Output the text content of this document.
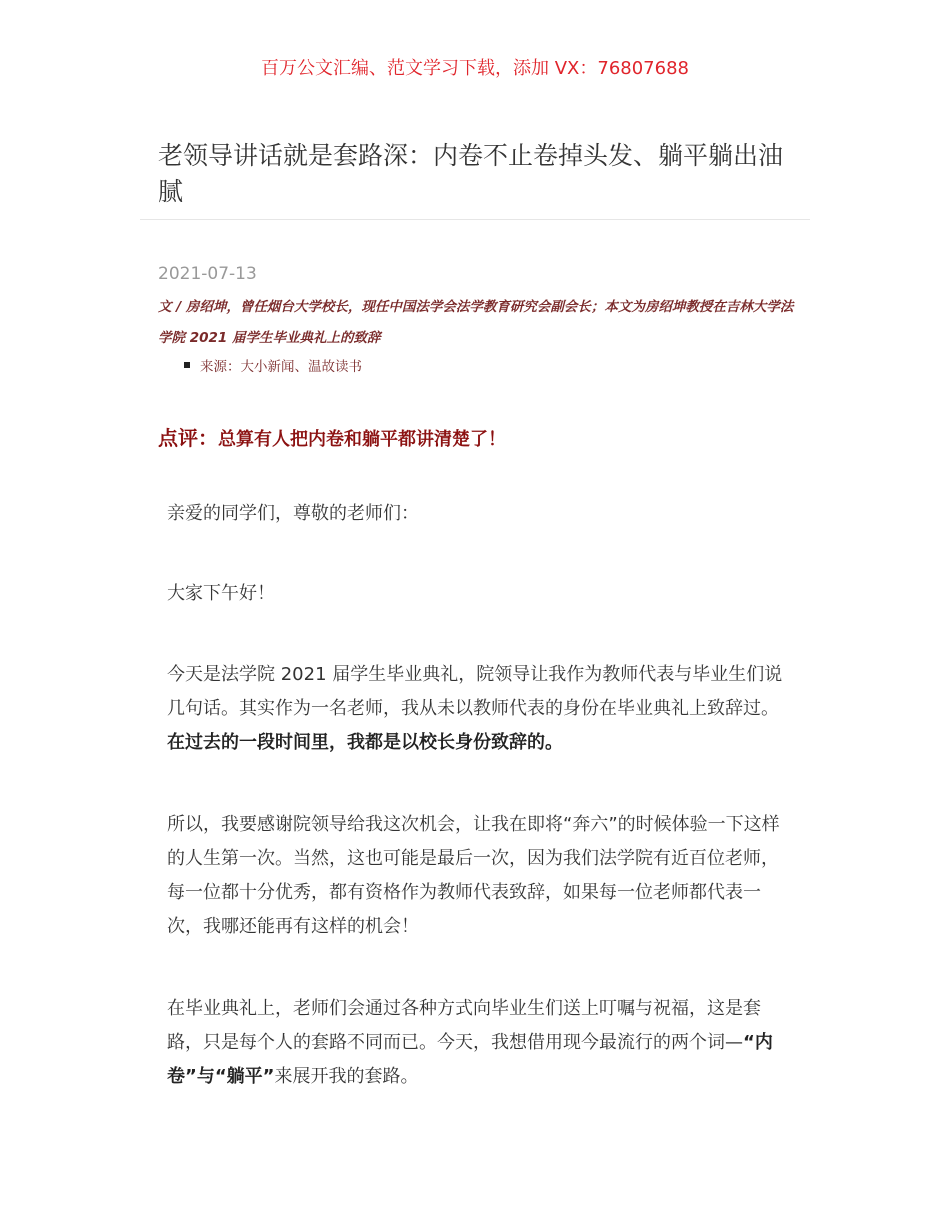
百万公文汇编、范文学习下载，添加 VX：76807688
老领导讲话就是套路深：内卷不止卷掉头发、躺平躺出油腻
2021-07-13
文 / 房绍坤，曾任烟台大学校长，现任中国法学会法学教育研究会副会长；本文为房绍坤教授在吉林大学法学院 2021 届学生毕业典礼上的致辞
来源：大小新闻、温故读书
点评：总算有人把内卷和躺平都讲清楚了！

亲爱的同学们，尊敬的老师们：

大家下午好！

今天是法学院 2021 届学生毕业典礼，院领导让我作为教师代表与毕业生们说几句话。其实作为一名老师，我从未以教师代表的身份在毕业典礼上致辞过。在过去的一段时间里，我都是以校长身份致辞的。

所以，我要感谢院领导给我这次机会，让我在即将“奔六”的时候体验一下这样的人生第一次。当然，这也可能是最后一次，因为我们法学院有近百位老师，每一位都十分优秀，都有资格作为教师代表致辞，如果每一位老师都代表一次，我哪还能再有这样的机会！

在毕业典礼上，老师们会通过各种方式向毕业生们送上叮嘱与祝福，这是套路，只是每个人的套路不同而已。今天，我想借用现今最流行的两个词—“内卷”与“躺平”来展开我的套路。
